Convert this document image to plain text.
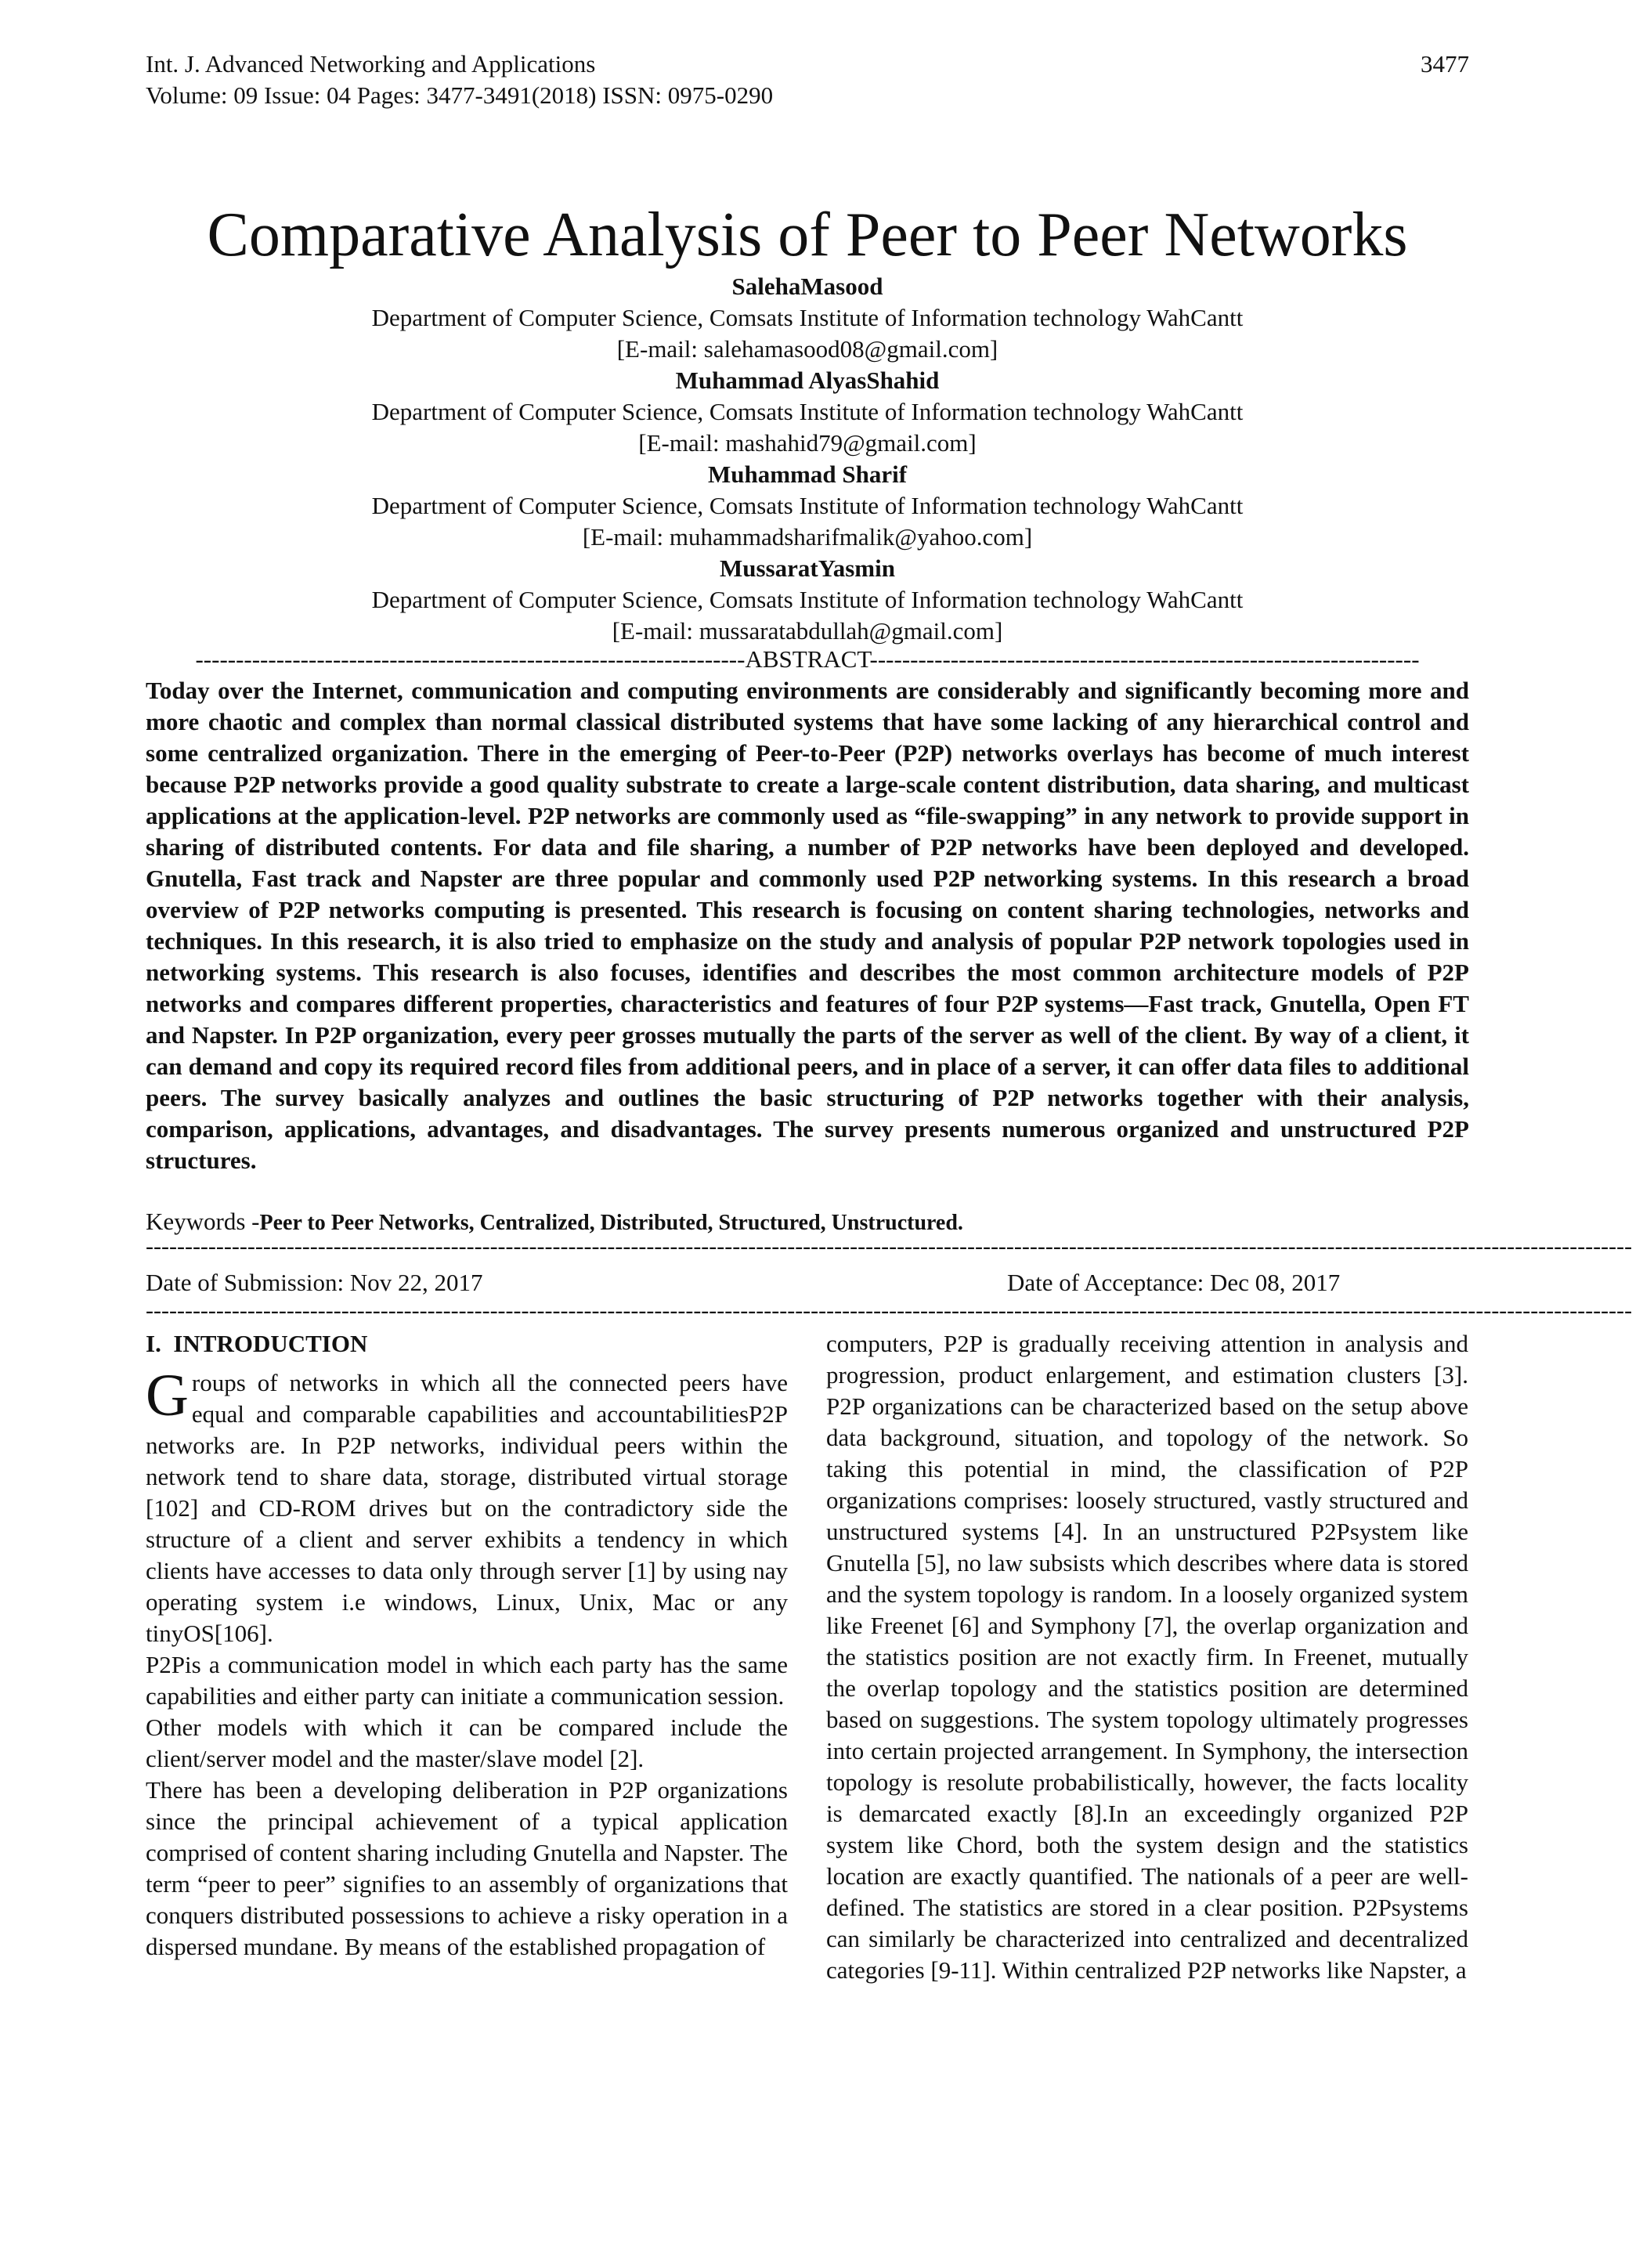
Int. J. Advanced Networking and Applications
Volume: 09 Issue: 04 Pages: 3477-3491(2018) ISSN: 0975-0290
3477
Comparative Analysis of Peer to Peer Networks
SalehaMasood
Department of Computer Science, Comsats Institute of Information technology WahCantt
[E-mail: salehamasood08@gmail.com]
Muhammad AlyasShahid
Department of Computer Science, Comsats Institute of Information technology WahCantt
[E-mail: mashahid79@gmail.com]
Muhammad Sharif
Department of Computer Science, Comsats Institute of Information technology WahCantt
[E-mail: muhammadsharifmalik@yahoo.com]
MussaratYasmin
Department of Computer Science, Comsats Institute of Information technology WahCantt
[E-mail: mussaratabdullah@gmail.com]
--------------------------------------------------------------------ABSTRACT--------------------------------------------------------------------

Today over the Internet, communication and computing environments are considerably and significantly becoming more and more chaotic and complex than normal classical distributed systems that have some lacking of any hierarchical control and some centralized organization. There in the emerging of Peer-to-Peer (P2P) networks overlays has become of much interest because P2P networks provide a good quality substrate to create a large-scale content distribution, data sharing, and multicast applications at the application-level. P2P networks are commonly used as “file-swapping” in any network to provide support in sharing of distributed contents. For data and file sharing, a number of P2P networks have been deployed and developed. Gnutella, Fast track and Napster are three popular and commonly used P2P networking systems. In this research a broad overview of P2P networks computing is presented. This research is focusing on content sharing technologies, networks and techniques. In this research, it is also tried to emphasize on the study and analysis of popular P2P network topologies used in networking systems. This research is also focuses, identifies and describes the most common architecture models of P2P networks and compares different properties, characteristics and features of four P2P systems—Fast track, Gnutella, Open FT and Napster. In P2P organization, every peer grosses mutually the parts of the server as well of the client. By way of a client, it can demand and copy its required record files from additional peers, and in place of a server, it can offer data files to additional peers. The survey basically analyzes and outlines the basic structuring of P2P networks together with their analysis, comparison, applications, advantages, and disadvantages. The survey presents numerous organized and unstructured P2P structures.

Keywords -Peer to Peer Networks, Centralized, Distributed, Structured, Unstructured.
----------------------------------------------------------------------------------------------------------------------------------------------------------------------------------------------
Date of Submission: Nov 22, 2017	Date of Acceptance: Dec 08, 2017
----------------------------------------------------------------------------------------------------------------------------------------------------------------------------------------------
I. INTRODUCTION

Groups of networks in which all the connected peers have equal and comparable capabilities and accountabilitiesP2P networks are. In P2P networks, individual peers within the network tend to share data, storage, distributed virtual storage [102] and CD-ROM drives but on the contradictory side the structure of a client and server exhibits a tendency in which clients have accesses to data only through server [1] by using nay operating system i.e windows, Linux, Unix, Mac or any tinyOS[106].

P2Pis a communication model in which each party has the same capabilities and either party can initiate a communication session.

Other models with which it can be compared include the client/server model and the master/slave model [2].

There has been a developing deliberation in P2P organizations since the principal achievement of a typical application comprised of content sharing including Gnutella and Napster. The term “peer to peer” signifies to an assembly of organizations that conquers distributed possessions to achieve a risky operation in a dispersed mundane. By means of the established propagation of

computers, P2P is gradually receiving attention in analysis and progression, product enlargement, and estimation clusters [3]. P2P organizations can be characterized based on the setup above data background, situation, and topology of the network. So taking this potential in mind, the classification of P2P organizations comprises: loosely structured, vastly structured and unstructured systems [4]. In an unstructured P2Psystem like Gnutella [5], no law subsists which describes where data is stored and the system topology is random. In a loosely organized system like Freenet [6] and Symphony [7], the overlap organization and the statistics position are not exactly firm. In Freenet, mutually the overlap topology and the statistics position are determined based on suggestions. The system topology ultimately progresses into certain projected arrangement. In Symphony, the intersection topology is resolute probabilistically, however, the facts locality is demarcated exactly [8].In an exceedingly organized P2P system like Chord, both the system design and the statistics location are exactly quantified. The nationals of a peer are well-defined. The statistics are stored in a clear position. P2Psystems can similarly be characterized into centralized and decentralized categories [9-11]. Within centralized P2P networks like Napster, a
